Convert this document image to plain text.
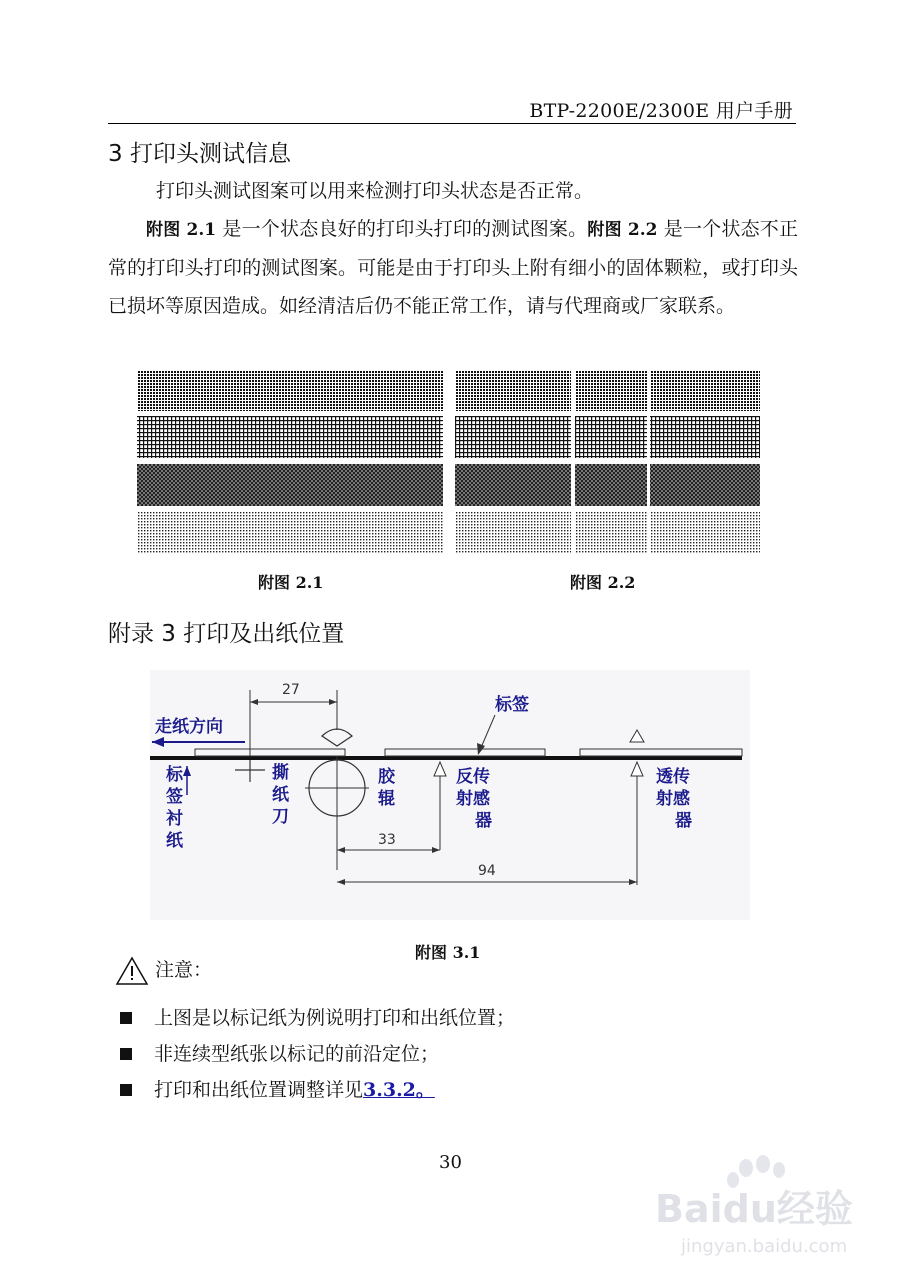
BTP-2200E/2300E 用户手册
3 打印头测试信息
打印头测试图案可以用来检测打印头状态是否正常。
附图 2.1 是一个状态良好的打印头打印的测试图案。附图 2.2 是一个状态不正常的打印头打印的测试图案。可能是由于打印头上附有细小的固体颗粒，或打印头已损坏等原因造成。如经清洁后仍不能正常工作，请与代理商或厂家联系。
附图 2.1	附图 2.2
附录 3 打印及出纸位置
27
走纸方向
标签
33
94
标
签
衬
纸
撕
纸
刀
胶
辊
反传
射感
器
透传
射感
器
附图 3.1
注意：
上图是以标记纸为例说明打印和出纸位置；
非连续型纸张以标记的前沿定位；
打印和出纸位置调整详见 3.3.2。
30
Baidu经验
jingyan.baidu.com
